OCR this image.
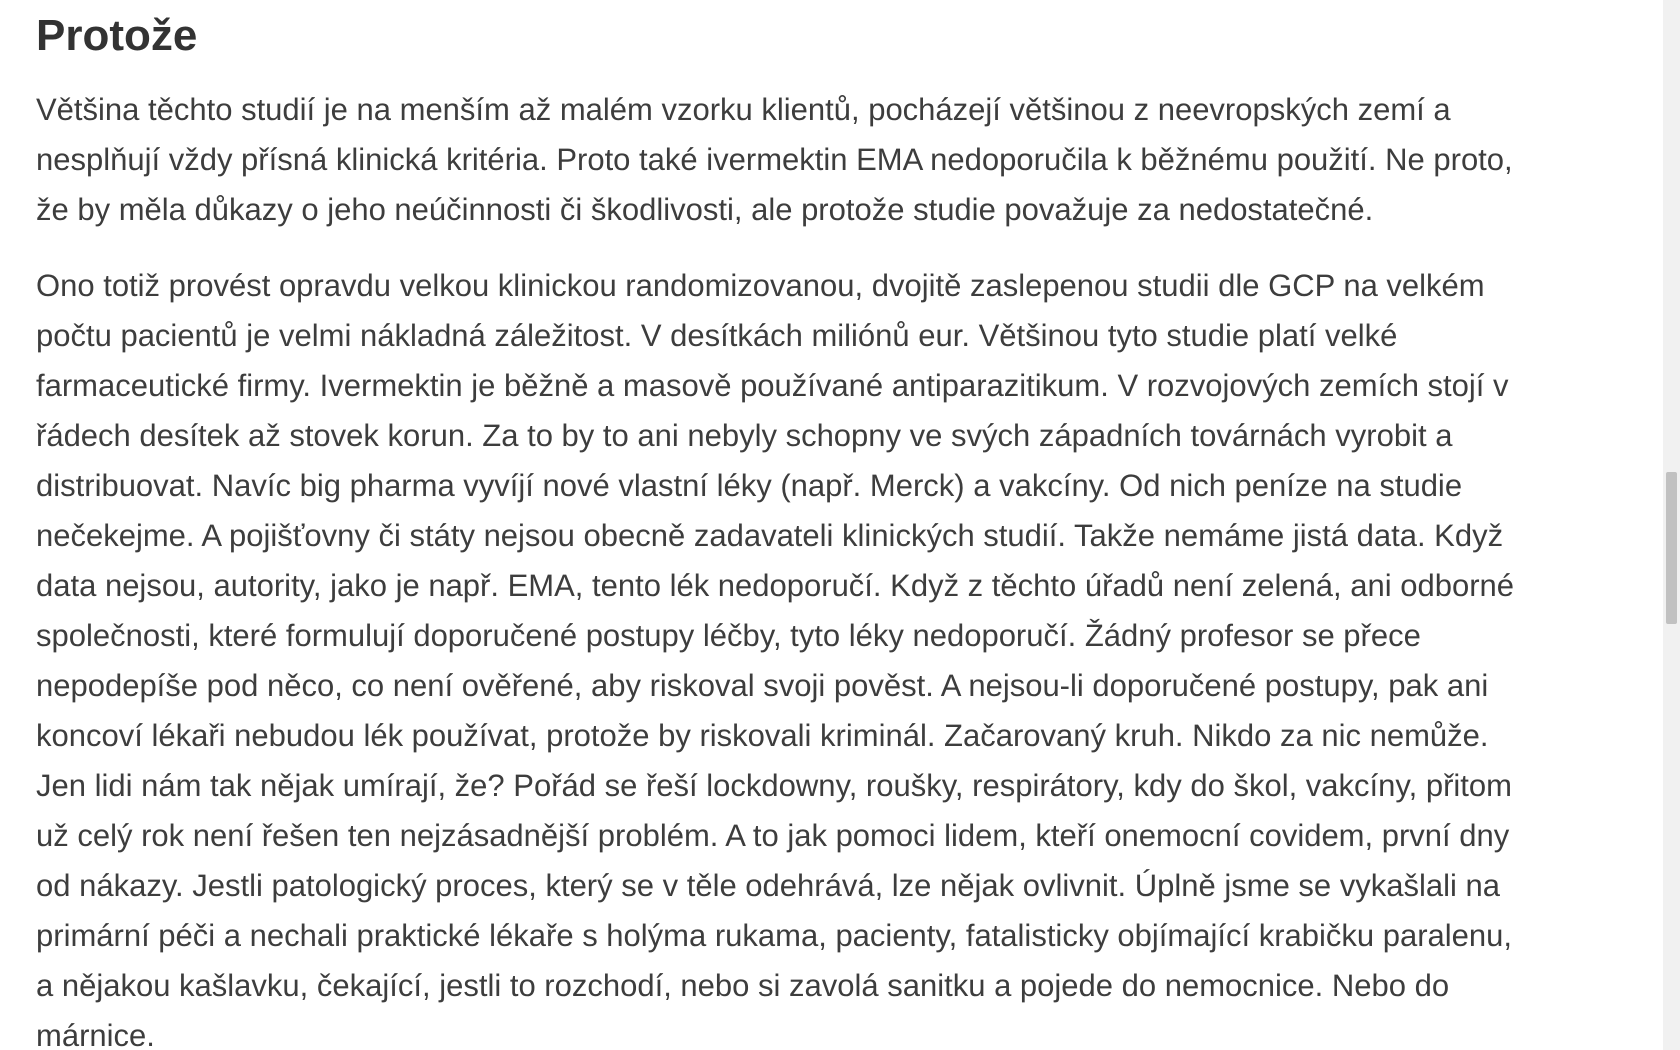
Protože

Většina těchto studií je na menším až malém vzorku klientů, pocházejí většinou z neevropských zemí a
nesplňují vždy přísná klinická kritéria. Proto také ivermektin EMA nedoporučila k běžnému použití. Ne proto,
že by měla důkazy o jeho neúčinnosti či škodlivosti, ale protože studie považuje za nedostatečné.

Ono totiž provést opravdu velkou klinickou randomizovanou, dvojitě zaslepenou studii dle GCP na velkém
počtu pacientů je velmi nákladná záležitost. V desítkách miliónů eur. Většinou tyto studie platí velké
farmaceutické firmy. Ivermektin je běžně a masově používané antiparazitikum. V rozvojových zemích stojí v
řádech desítek až stovek korun. Za to by to ani nebyly schopny ve svých západních továrnách vyrobit a
distribuovat. Navíc big pharma vyvíjí nové vlastní léky (např. Merck) a vakcíny. Od nich peníze na studie
nečekejme. A pojišťovny či státy nejsou obecně zadavateli klinických studií. Takže nemáme jistá data. Když
data nejsou, autority, jako je např. EMA, tento lék nedoporučí. Když z těchto úřadů není zelená, ani odborné
společnosti, které formulují doporučené postupy léčby, tyto léky nedoporučí. Žádný profesor se přece
nepodepíše pod něco, co není ověřené, aby riskoval svoji pověst. A nejsou-li doporučené postupy, pak ani
koncoví lékaři nebudou lék používat, protože by riskovali kriminál. Začarovaný kruh. Nikdo za nic nemůže.
Jen lidi nám tak nějak umírají, že? Pořád se řeší lockdowny, roušky, respirátory, kdy do škol, vakcíny, přitom
už celý rok není řešen ten nejzásadnější problém. A to jak pomoci lidem, kteří onemocní covidem, první dny
od nákazy. Jestli patologický proces, který se v těle odehrává, lze nějak ovlivnit. Úplně jsme se vykašlali na
primární péči a nechali praktické lékaře s holýma rukama, pacienty, fatalisticky objímající krabičku paralenu,
a nějakou kašlavku, čekající, jestli to rozchodí, nebo si zavolá sanitku a pojede do nemocnice. Nebo do
márnice.
